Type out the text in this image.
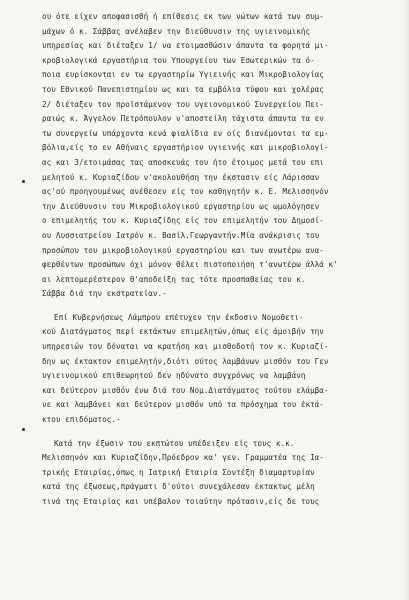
ου ότε είχεν αποφασισθή ή επίθεσις εκ των νώτων κατά των συμ-
μάχων ό κ. Σάββας ανέλαβεν την διεύθυνσιν της υγιεινομικής
υπηρεσίας και διέταξεν 1/ να ετοιμασθώσιν άπαντα τα φορητά μι-
κροβιολογικά εργαστήρια του Υπουργείου των Εσωτερικών τα ό-
ποια ευρίσκονται εν τω εργαστηρίω Υγιεινής και Μικροβιολογίας
του Εθνικού Πανεπιστημίου ως και τα εμβόλια τύφου και χολέρας
2/ διέταξεν τον προϊστάμενον του υγειονομικού Συνεργείου Πει-
ραιώς κ. Άγγελον Πετρόπουλον ν'αποστείλη τάχιστα άπαντα τα εν
τω συνεργείω υπάρχοντα κενά φιαλίδια εν οίς διανέμονται τα εμ-
βόλια,είς το εν Αθήναις εργαστήριον υγιεινής και μικροβιολογί-
ας και 3/ετοιμάσας τας αποσκευάς του ήτο έτοιμος μετά του επι
μελητού κ. Κυριαζίδου ν'ακολουθήση την έκστασιν είς Λάρισσαν
ας'ού προηγουμένως ανέθεσεν είς τον καθηγητήν κ. Ε. Μελισσηνόν
την Διεύθυνσιν του Μικροβιολογικού εργαστηρίου ως ωμολόγησεν
ο επιμελητής του κ. Κυριαζίδης είς τον επιμελητήν του Δημοσί-
ου Λυσσιατρείου Ιατρόν κ. Βασίλ.Γεωργαντήν.Μία ανάκρισις του
προσώπου του μικροβιολογικού εργαστηρίου και των ανωτέρω ανα-
φερθέντων προσώπων όχι μόνον θέλει πιστοποιήση τ'ανωτέρω άλλά κ'
αι λεπτομερέστερον θ'αποδείξη τας τότε προσπαθείας του κ.
Σάββα διά την εκστρατείαν.-
Επί Κυβερνήσεως Λάμπρου επέτυχεν την έκδοσιν Νομοθετι-
κού Διατάγματος περί εκτάκτων επιμελητών,όπως είς άμοιβήν την
υπηρεσιών του δόναται να κρατήση και μισθοδοτή τον κ. Κυριαζί-
δην ως έκτακτον επιμελητήν,διότι ούτος λαμβάνων μισθόν του Γεν
υγιεινομικού επιθεωρητού δεν ηδύνατο συγχρόνως να λαμβάνη
και δεύτερον μισθόν ένω διά του Νομ.Διατάγματος τούτου ελάμβα-
νε και λαμβάνει και δεύτερον μισθόν υπό τα πρόσχημα του έκτά-
κτου επιδόματος.-
Κατά την έξωσιν του εκπτώτου υπέδειξεν είς τους κ.κ.
Μελισσηνόν και Κυριαζίδην,Πρόεδρον κα' γεν. Γραμματέα της Ια-
τρικής Εταιρίας,όπως η Ιατρική Εταιρία Σοντέξη διαμαρτυρίαν
κατά της έξωσεως,πράγματι δ'ούτοι συνεχάλεσαν έκτακτως μέλη
τινά της Εταιρίας και υπέβαλον τοιαύτην πρότασιν,είς δε τους
